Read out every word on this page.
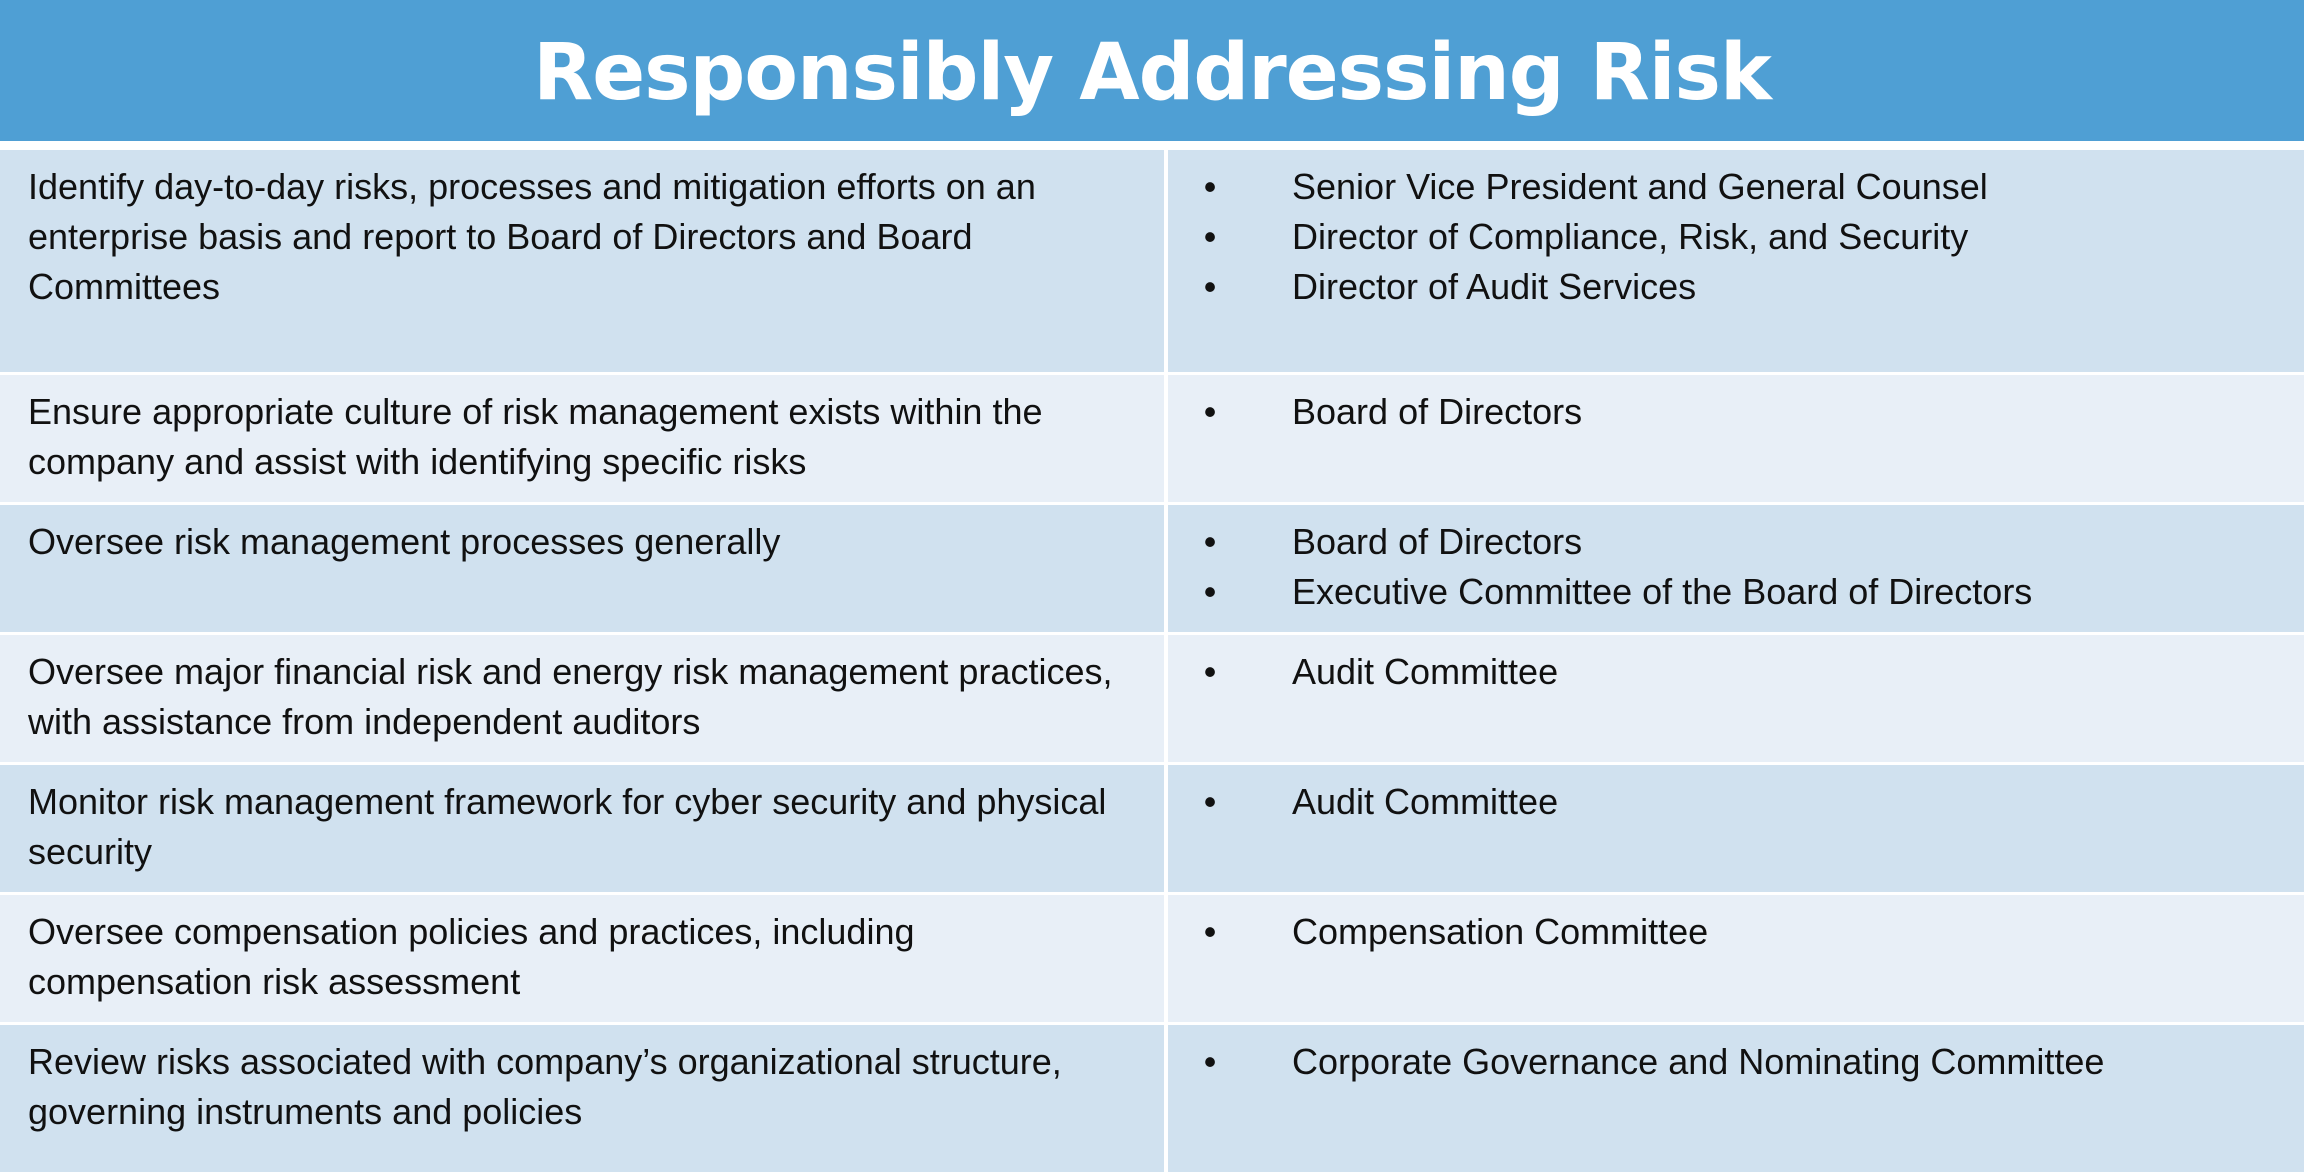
Responsibly Addressing Risk
Identify day-to-day risks, processes and mitigation efforts on an enterprise basis and report to Board of Directors and Board Committees
• Senior Vice President and General Counsel
• Director of Compliance, Risk, and Security
• Director of Audit Services
Ensure appropriate culture of risk management exists within the company and assist with identifying specific risks
• Board of Directors
Oversee risk management processes generally	• Board of Directors
• Executive Committee of the Board of Directors
Oversee major financial risk and energy risk management practices, with assistance from independent auditors
• Audit Committee
Monitor risk management framework for cyber security and physical security
• Audit Committee
Oversee compensation policies and practices, including compensation risk assessment
• Compensation Committee
Review risks associated with company’s organizational structure, governing instruments and policies
• Corporate Governance and Nominating Committee
